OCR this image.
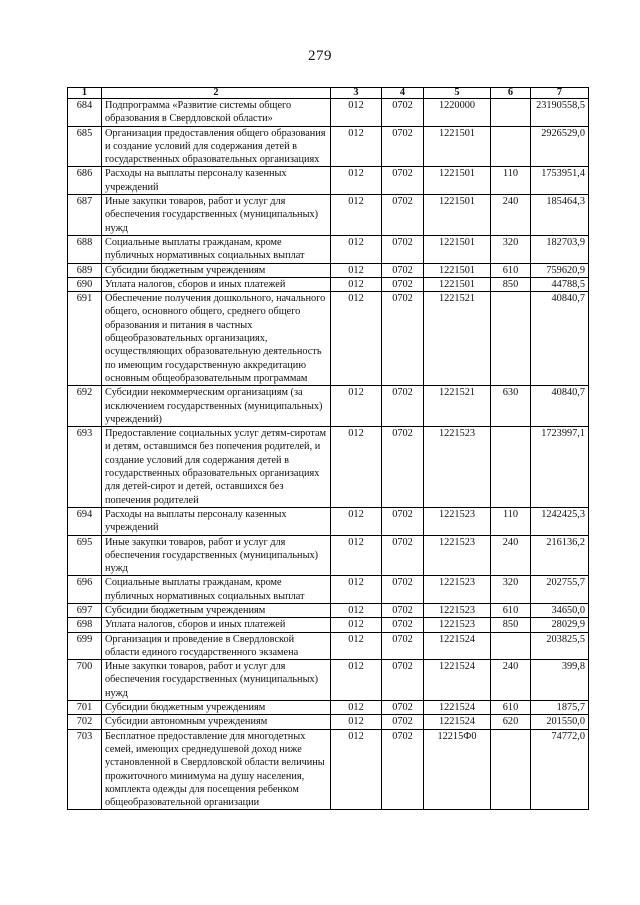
279
1	2	3	4	5	6	7
684	Подпрограмма «Развитие системы общего образования в Свердловской области»	012	0702	1220000		23190558,5
685	Организация предоставления общего образования и создание условий для содержания детей в государственных образовательных организациях	012	0702	1221501		2926529,0
686	Расходы на выплаты персоналу казенных учреждений	012	0702	1221501	110	1753951,4
687	Иные закупки товаров, работ и услуг для обеспечения государственных (муниципальных) нужд	012	0702	1221501	240	185464,3
688	Социальные выплаты гражданам, кроме публичных нормативных социальных выплат	012	0702	1221501	320	182703,9
689	Субсидии бюджетным учреждениям	012	0702	1221501	610	759620,9
690	Уплата налогов, сборов и иных платежей	012	0702	1221501	850	44788,5
691	Обеспечение получения дошкольного, начального общего, основного общего, среднего общего образования и питания в частных общеобразовательных организациях, осуществляющих образовательную деятельность по имеющим государственную аккредитацию основным общеобразовательным программам	012	0702	1221521		40840,7
692	Субсидии некоммерческим организациям (за исключением государственных (муниципальных) учреждений)	012	0702	1221521	630	40840,7
693	Предоставление социальных услуг детям-сиротам и детям, оставшимся без попечения родителей, и создание условий для содержания детей в государственных образовательных организациях для детей-сирот и детей, оставшихся без попечения родителей	012	0702	1221523		1723997,1
694	Расходы на выплаты персоналу казенных учреждений	012	0702	1221523	110	1242425,3
695	Иные закупки товаров, работ и услуг для обеспечения государственных (муниципальных) нужд	012	0702	1221523	240	216136,2
696	Социальные выплаты гражданам, кроме публичных нормативных социальных выплат	012	0702	1221523	320	202755,7
697	Субсидии бюджетным учреждениям	012	0702	1221523	610	34650,0
698	Уплата налогов, сборов и иных платежей	012	0702	1221523	850	28029,9
699	Организация и проведение в Свердловской области единого государственного экзамена	012	0702	1221524		203825,5
700	Иные закупки товаров, работ и услуг для обеспечения государственных (муниципальных) нужд	012	0702	1221524	240	399,8
701	Субсидии бюджетным учреждениям	012	0702	1221524	610	1875,7
702	Субсидии автономным учреждениям	012	0702	1221524	620	201550,0
703	Бесплатное предоставление для многодетных семей, имеющих среднедушевой доход ниже установленной в Свердловской области величины прожиточного минимума на душу населения, комплекта одежды для посещения ребенком общеобразовательной организации	012	0702	12215Ф0		74772,0
